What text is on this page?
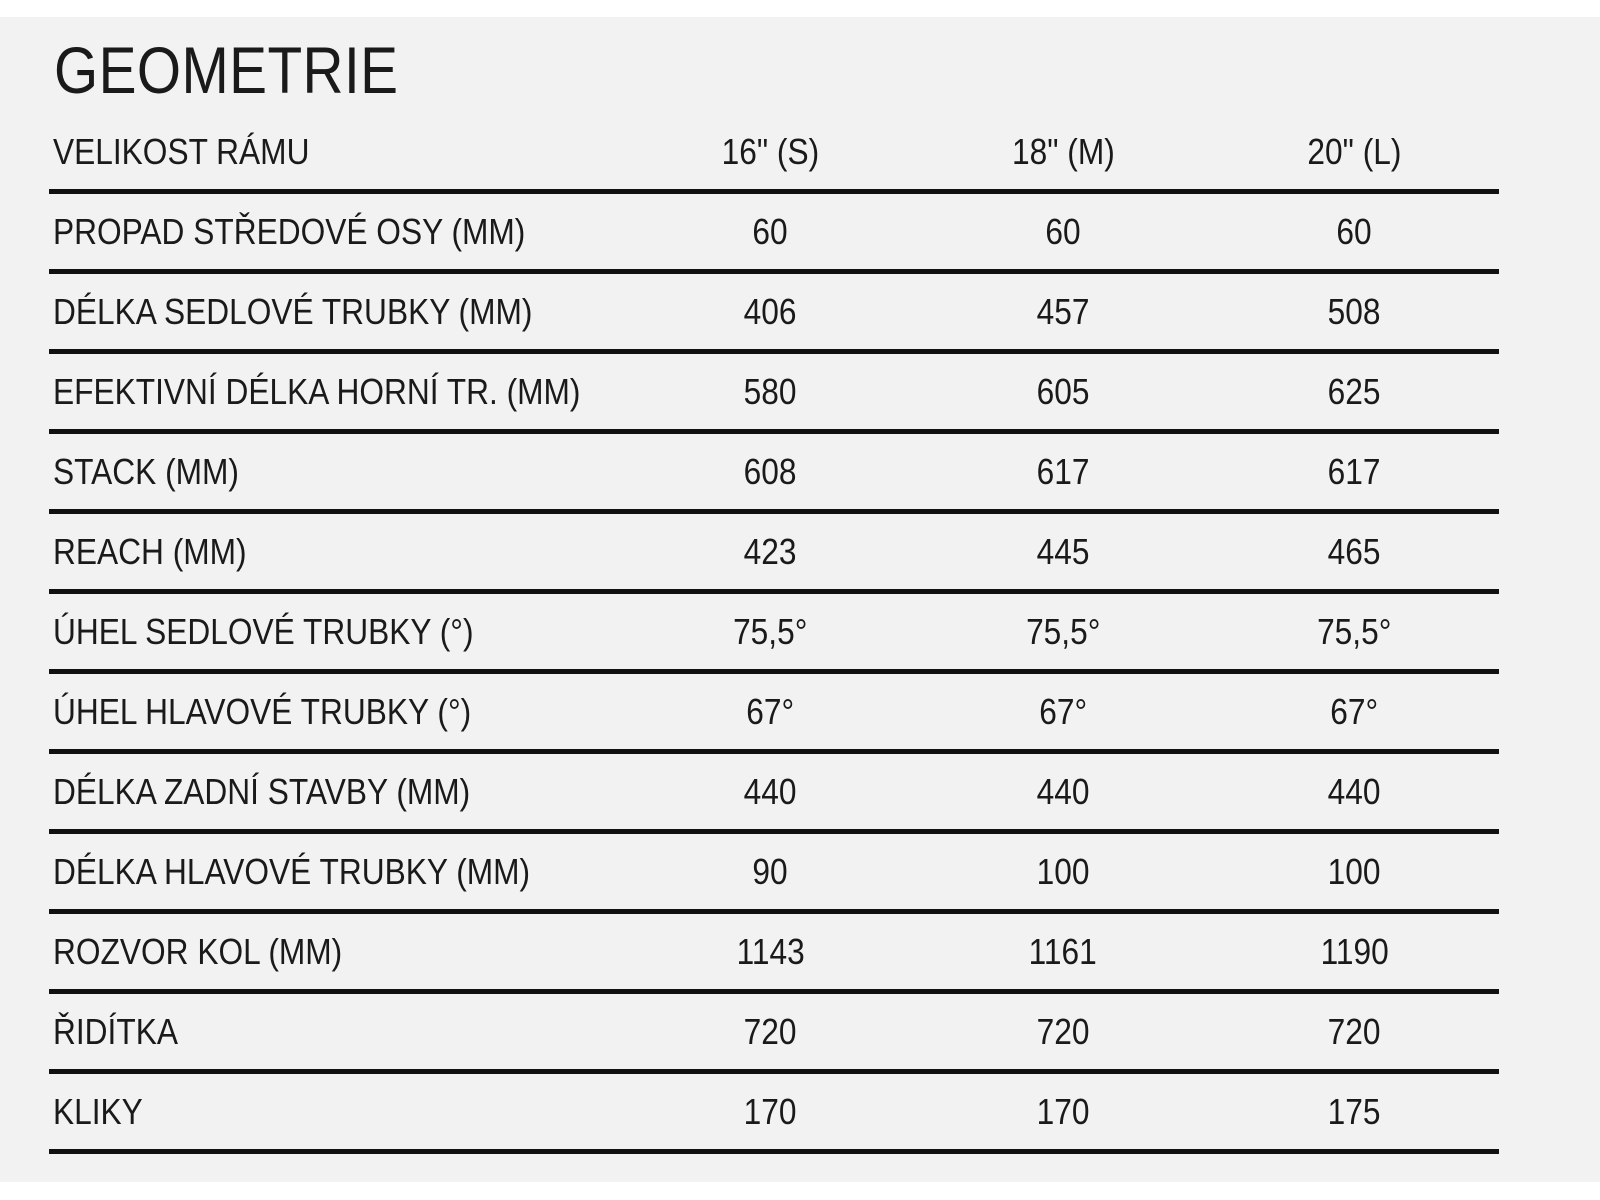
GEOMETRIE
VELIKOST RÁMU	16" (S)	18" (M)	20" (L)
PROPAD STŘEDOVÉ OSY (MM)	60	60	60
DÉLKA SEDLOVÉ TRUBKY (MM)	406	457	508
EFEKTIVNÍ DÉLKA HORNÍ TR. (MM)	580	605	625
STACK (MM)	608	617	617
REACH (MM)	423	445	465
ÚHEL SEDLOVÉ TRUBKY (°)	75,5°	75,5°	75,5°
ÚHEL HLAVOVÉ TRUBKY (°)	67°	67°	67°
DÉLKA ZADNÍ STAVBY (MM)	440	440	440
DÉLKA HLAVOVÉ TRUBKY (MM)	90	100	100
ROZVOR KOL (MM)	1143	1161	1190
ŘIDÍTKA	720	720	720
KLIKY	170	170	175
